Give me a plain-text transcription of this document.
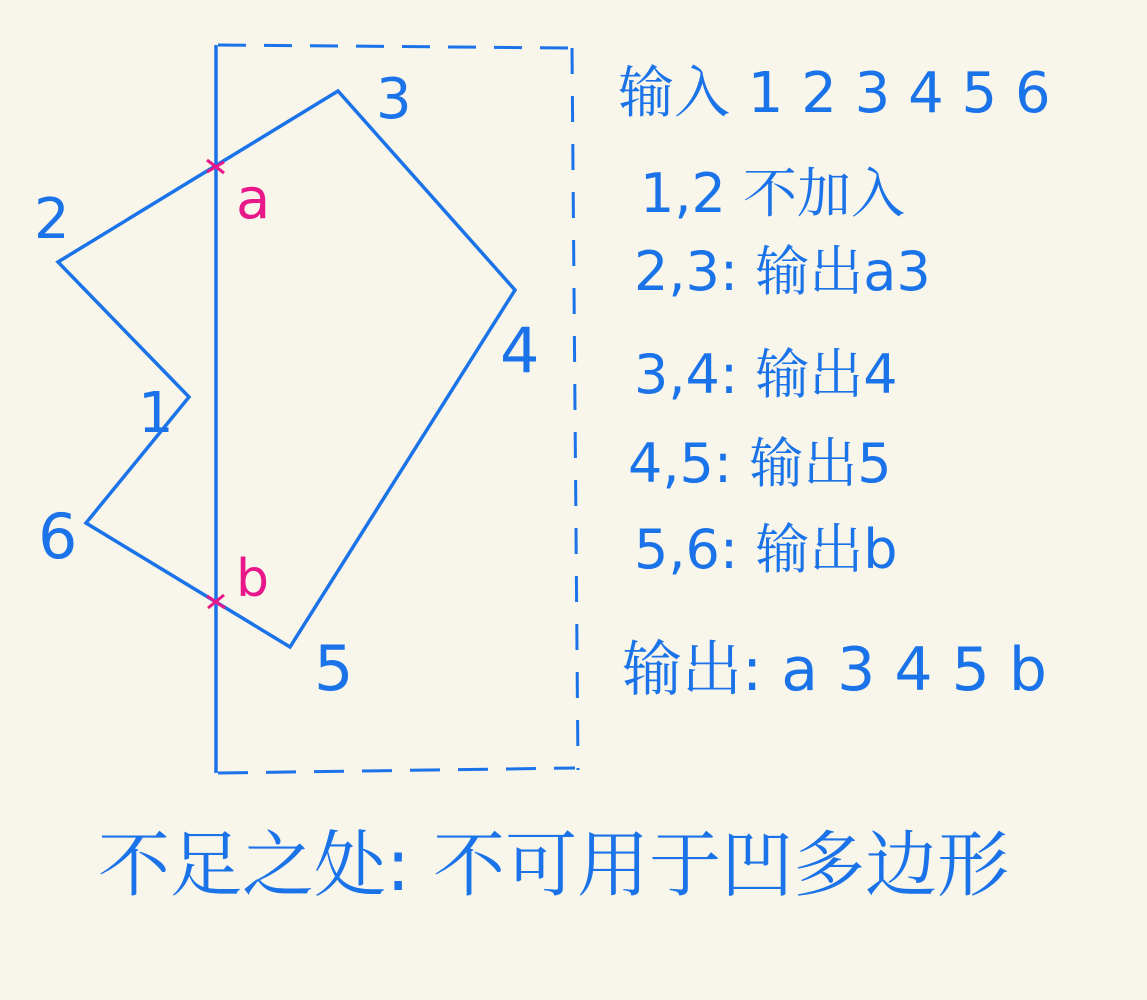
1
2
3
4
5
6
a
b
输入 1 2 3 4 5 6
1,2 不加入
2,3: 输出a3
3,4: 输出4
4,5: 输出5
5,6: 输出b
输出: a 3 4 5 b
不足之处: 不可用于凹多边形
